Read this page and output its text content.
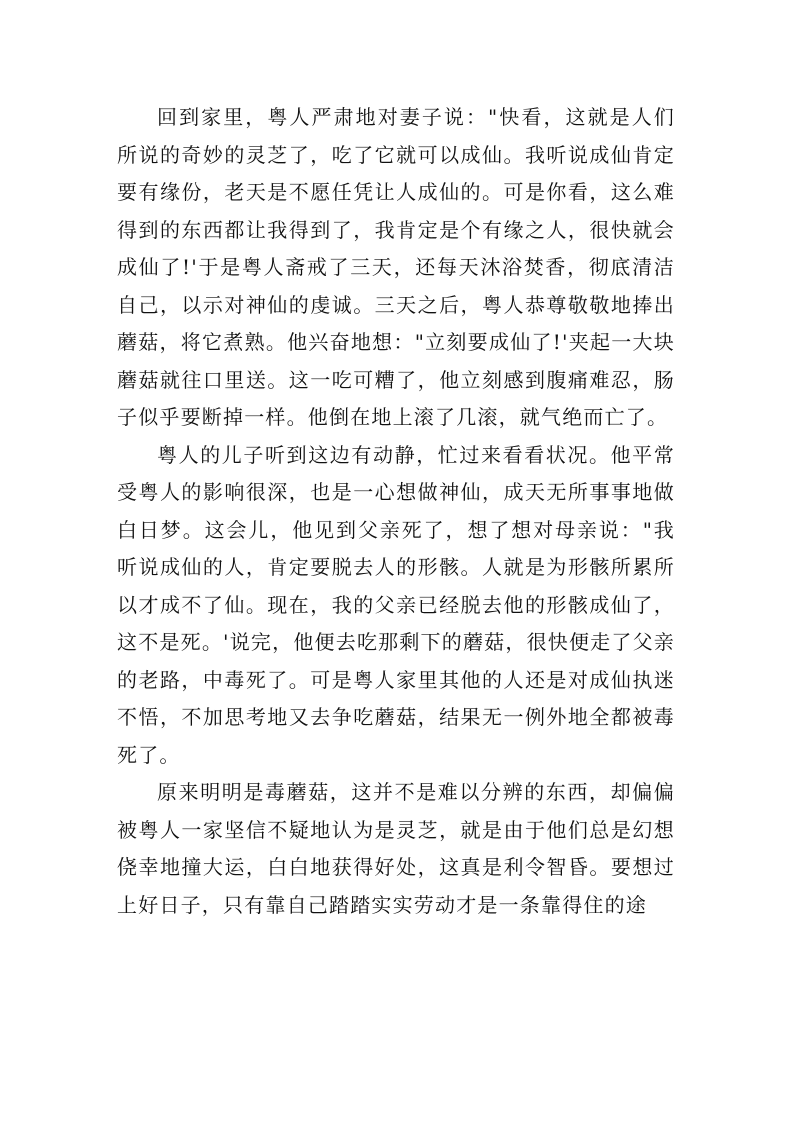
回到家里，粤人严肃地对妻子说："快看，这就是人们所说的奇妙的灵芝了，吃了它就可以成仙。我听说成仙肯定要有缘份，老天是不愿任凭让人成仙的。可是你看，这么难得到的东西都让我得到了，我肯定是个有缘之人，很快就会成仙了!'于是粤人斋戒了三天，还每天沐浴焚香，彻底清洁自己，以示对神仙的虔诚。三天之后，粤人恭尊敬敬地捧出蘑菇，将它煮熟。他兴奋地想："立刻要成仙了!'夹起一大块蘑菇就往口里送。这一吃可糟了，他立刻感到腹痛难忍，肠子似乎要断掉一样。他倒在地上滚了几滚，就气绝而亡了。

粤人的儿子听到这边有动静，忙过来看看状况。他平常受粤人的影响很深，也是一心想做神仙，成天无所事事地做白日梦。这会儿，他见到父亲死了，想了想对母亲说："我听说成仙的人，肯定要脱去人的形骸。人就是为形骸所累所以才成不了仙。现在，我的父亲已经脱去他的形骸成仙了，这不是死。'说完，他便去吃那剩下的蘑菇，很快便走了父亲的老路，中毒死了。可是粤人家里其他的人还是对成仙执迷不悟，不加思考地又去争吃蘑菇，结果无一例外地全都被毒死了。

原来明明是毒蘑菇，这并不是难以分辨的东西，却偏偏被粤人一家坚信不疑地认为是灵芝，就是由于他们总是幻想侥幸地撞大运，白白地获得好处，这真是利令智昏。要想过上好日子，只有靠自己踏踏实实劳动才是一条靠得住的途
